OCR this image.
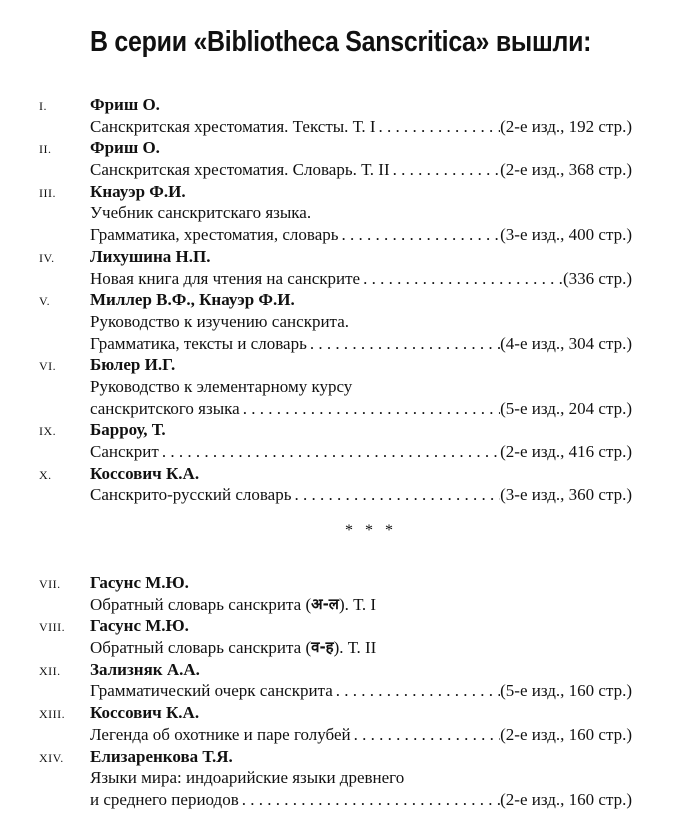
В серии «Bibliotheca Sanscritica» вышли:
I.	Фриш О.
Санскритская хрестоматия. Тексты. Т. I . . .	(2-е изд., 192 стр.)
II. Фриш О.
Санскритская хрестоматия. Словарь. Т. II . . .	(2-е изд., 368 стр.)
III. Кнауэр Ф.И.
Учебник санскритскаго языка.
Грамматика, хрестоматия, словарь . . .	(3-е изд., 400 стр.)
IV. Лихушина Н.П.
Новая книга для чтения на санскрите . . .	(336 стр.)
V. Миллер В.Ф., Кнауэр Ф.И.
Руководство к изучению санскрита.
Грамматика, тексты и словарь . . .	(4-е изд., 304 стр.)
VI. Бюлер И.Г.
Руководство к элементарному курсу
санскритского языка . . .	(5-е изд., 204 стр.)
IX. Барроу, Т.
Санскрит . . .	(2-е изд., 416 стр.)
X. Коссович К.А.
Санскрито-русский словарь . . .	(3-е изд., 360 стр.)
* * *
VII. Гасунс М.Ю.
Обратный словарь санскрита ( अ-ल ). Т. I
VIII. Гасунс М.Ю.
Обратный словарь санскрита ( व-ह ). Т. II
XII. Зализняк А.А.
Грамматический очерк санскрита . . .	(5-е изд., 160 стр.)
XIII. Коссович К.А.
Легенда об охотнике и паре голубей . . .	(2-е изд., 160 стр.)
XIV. Елизаренкова Т.Я.
Языки мира: индоарийские языки древнего
и среднего периодов . . .	(2-е изд., 160 стр.)
